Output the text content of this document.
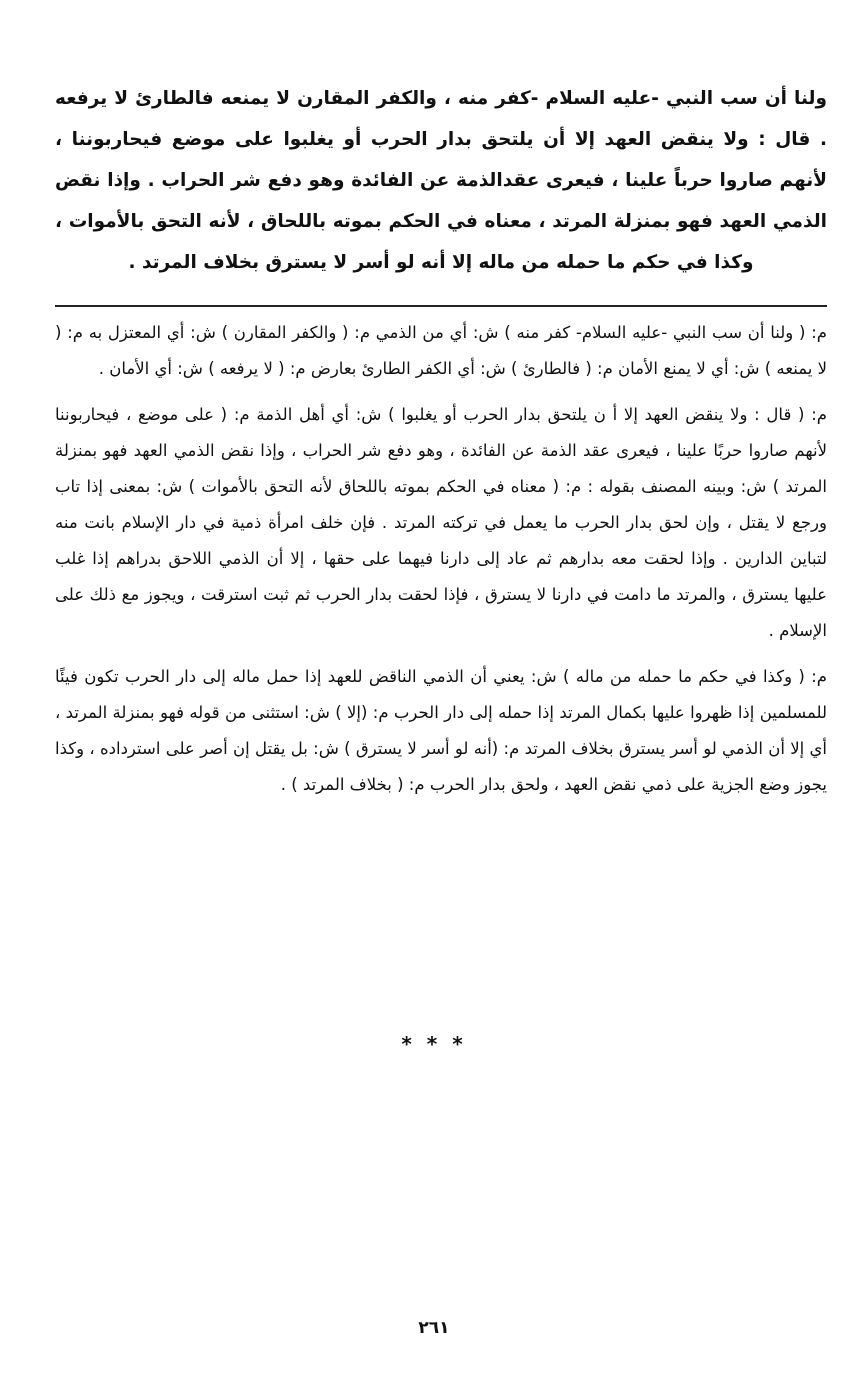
ولنا أن سب النبي -عليه السلام -كفر منه ، والكفر المقارن لا يمنعه فالطارئ لا يرفعه . قال : ولا ينقض العهد إلا أن يلتحق بدار الحرب أو يغلبوا على موضع فيحاربوننا ، لأنهم صاروا حرباً علينا ، فيعرى عقدالذمة عن الفائدة وهو دفع شر الحراب . وإذا نقض الذمي العهد فهو بمنزلة المرتد ، معناه في الحكم بموته باللحاق ، لأنه التحق بالأموات ، وكذا في حكم ما حمله من ماله إلا أنه لو أسر لا يسترق بخلاف المرتد .

م: ( ولنا أن سب النبي -عليه السلام- كفر منه ) ش: أي من الذمي م: ( والكفر المقارن ) ش: أي المعتزل به م: ( لا يمنعه ) ش: أي لا يمنع الأمان م: ( فالطارئ ) ش: أي الكفر الطارئ بعارض م: ( لا يرفعه ) ش: أي الأمان .

م: ( قال : ولا ينقض العهد إلا أ ن يلتحق بدار الحرب أو يغلبوا ) ش: أي أهل الذمة م: ( على موضع ، فيحاربوننا لأنهم صاروا حربًا علينا ، فيعرى عقد الذمة عن الفائدة ، وهو دفع شر الحراب ، وإذا نقض الذمي العهد فهو بمنزلة المرتد ) ش: وبينه المصنف بقوله : م: ( معناه في الحكم بموته باللحاق لأنه التحق بالأموات ) ش: بمعنى إذا تاب ورجع لا يقتل ، وإن لحق بدار الحرب ما يعمل في تركته المرتد . فإن خلف امرأة ذمية في دار الإسلام بانت منه لتباين الدارين . وإذا لحقت معه بدارهم ثم عاد إلى دارنا فيهما على حقها ، إلا أن الذمي اللاحق بدراهم إذا غلب عليها يسترق ، والمرتد ما دامت في دارنا لا يسترق ، فإذا لحقت بدار الحرب ثم ثبت استرقت ، ويجوز مع ذلك على الإسلام .

م: ( وكذا في حكم ما حمله من ماله ) ش: يعني أن الذمي الناقض للعهد إذا حمل ماله إلى دار الحرب تكون فيئًا للمسلمين إذا ظهروا عليها بكمال المرتد إذا حمله إلى دار الحرب م: (إلا ) ش: استثنى من قوله فهو بمنزلة المرتد ، أي إلا أن الذمي لو أسر يسترق بخلاف المرتد م: (أنه لو أسر لا يسترق ) ش: بل يقتل إن أصر على استرداده ، وكذا يجوز وضع الجزية على ذمي نقض العهد ، ولحق بدار الحرب م: ( بخلاف المرتد ) .

* * *
٢٦١
